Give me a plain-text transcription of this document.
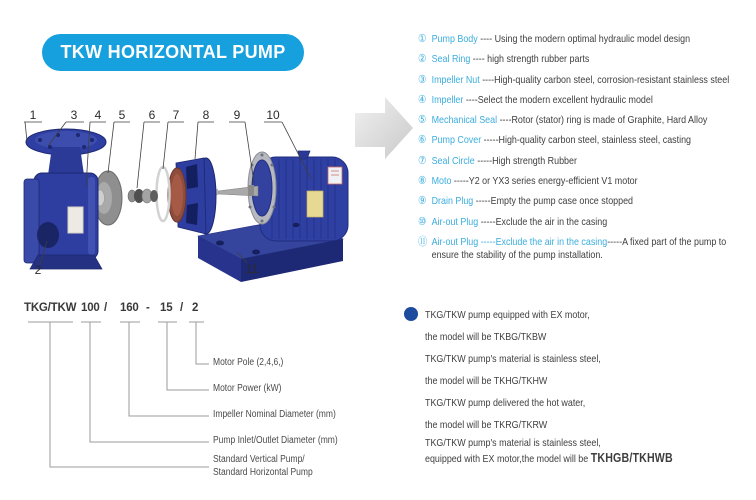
TKW HORIZONTAL PUMP
1
2
3 4 5 6 7 8 9 10
11
① Pump Body ---- Using the modern optimal hydraulic model design
② Seal Ring ---- high strength rubber parts
③ Impeller Nut ----High-quality carbon steel, corrosion-resistant stainless steel
④ Impeller ----Select the modern excellent hydraulic model
⑤ Mechanical Seal ----Rotor (stator) ring is made of Graphite, Hard Alloy
⑥ Pump Cover -----High-quality carbon steel, stainless steel, casting
⑦ Seal Circle -----High strength Rubber
⑧ Moto -----Y2 or YX3 series energy-efficient V1 motor
⑨ Drain Plug -----Empty the pump case once stopped
⑩ Air-out Plug -----Exclude the air in the casing
⑪ Air-out Plug -----Exclude the air in the casing-----A fixed part of the pump to ensure the stability of the pump installation.
TKG/TKW 100 / 160 - 15 / 2
Motor Pole (2,4,6,)
Motor Power (kW)
Impeller Nominal Diameter (mm)
Pump Inlet/Outlet Diameter (mm)
Standard Vertical Pump/
Standard Horizontal Pump
TKG/TKW pump equipped with EX motor,
the model will be TKBG/TKBW
TKG/TKW pump's material is stainless steel,
the model will be TKHG/TKHW
TKG/TKW pump delivered the hot water,
the model will be TKRG/TKRW
TKG/TKW pump's material is stainless steel,
equipped with EX motor,the model will be TKHGB/TKHWB
